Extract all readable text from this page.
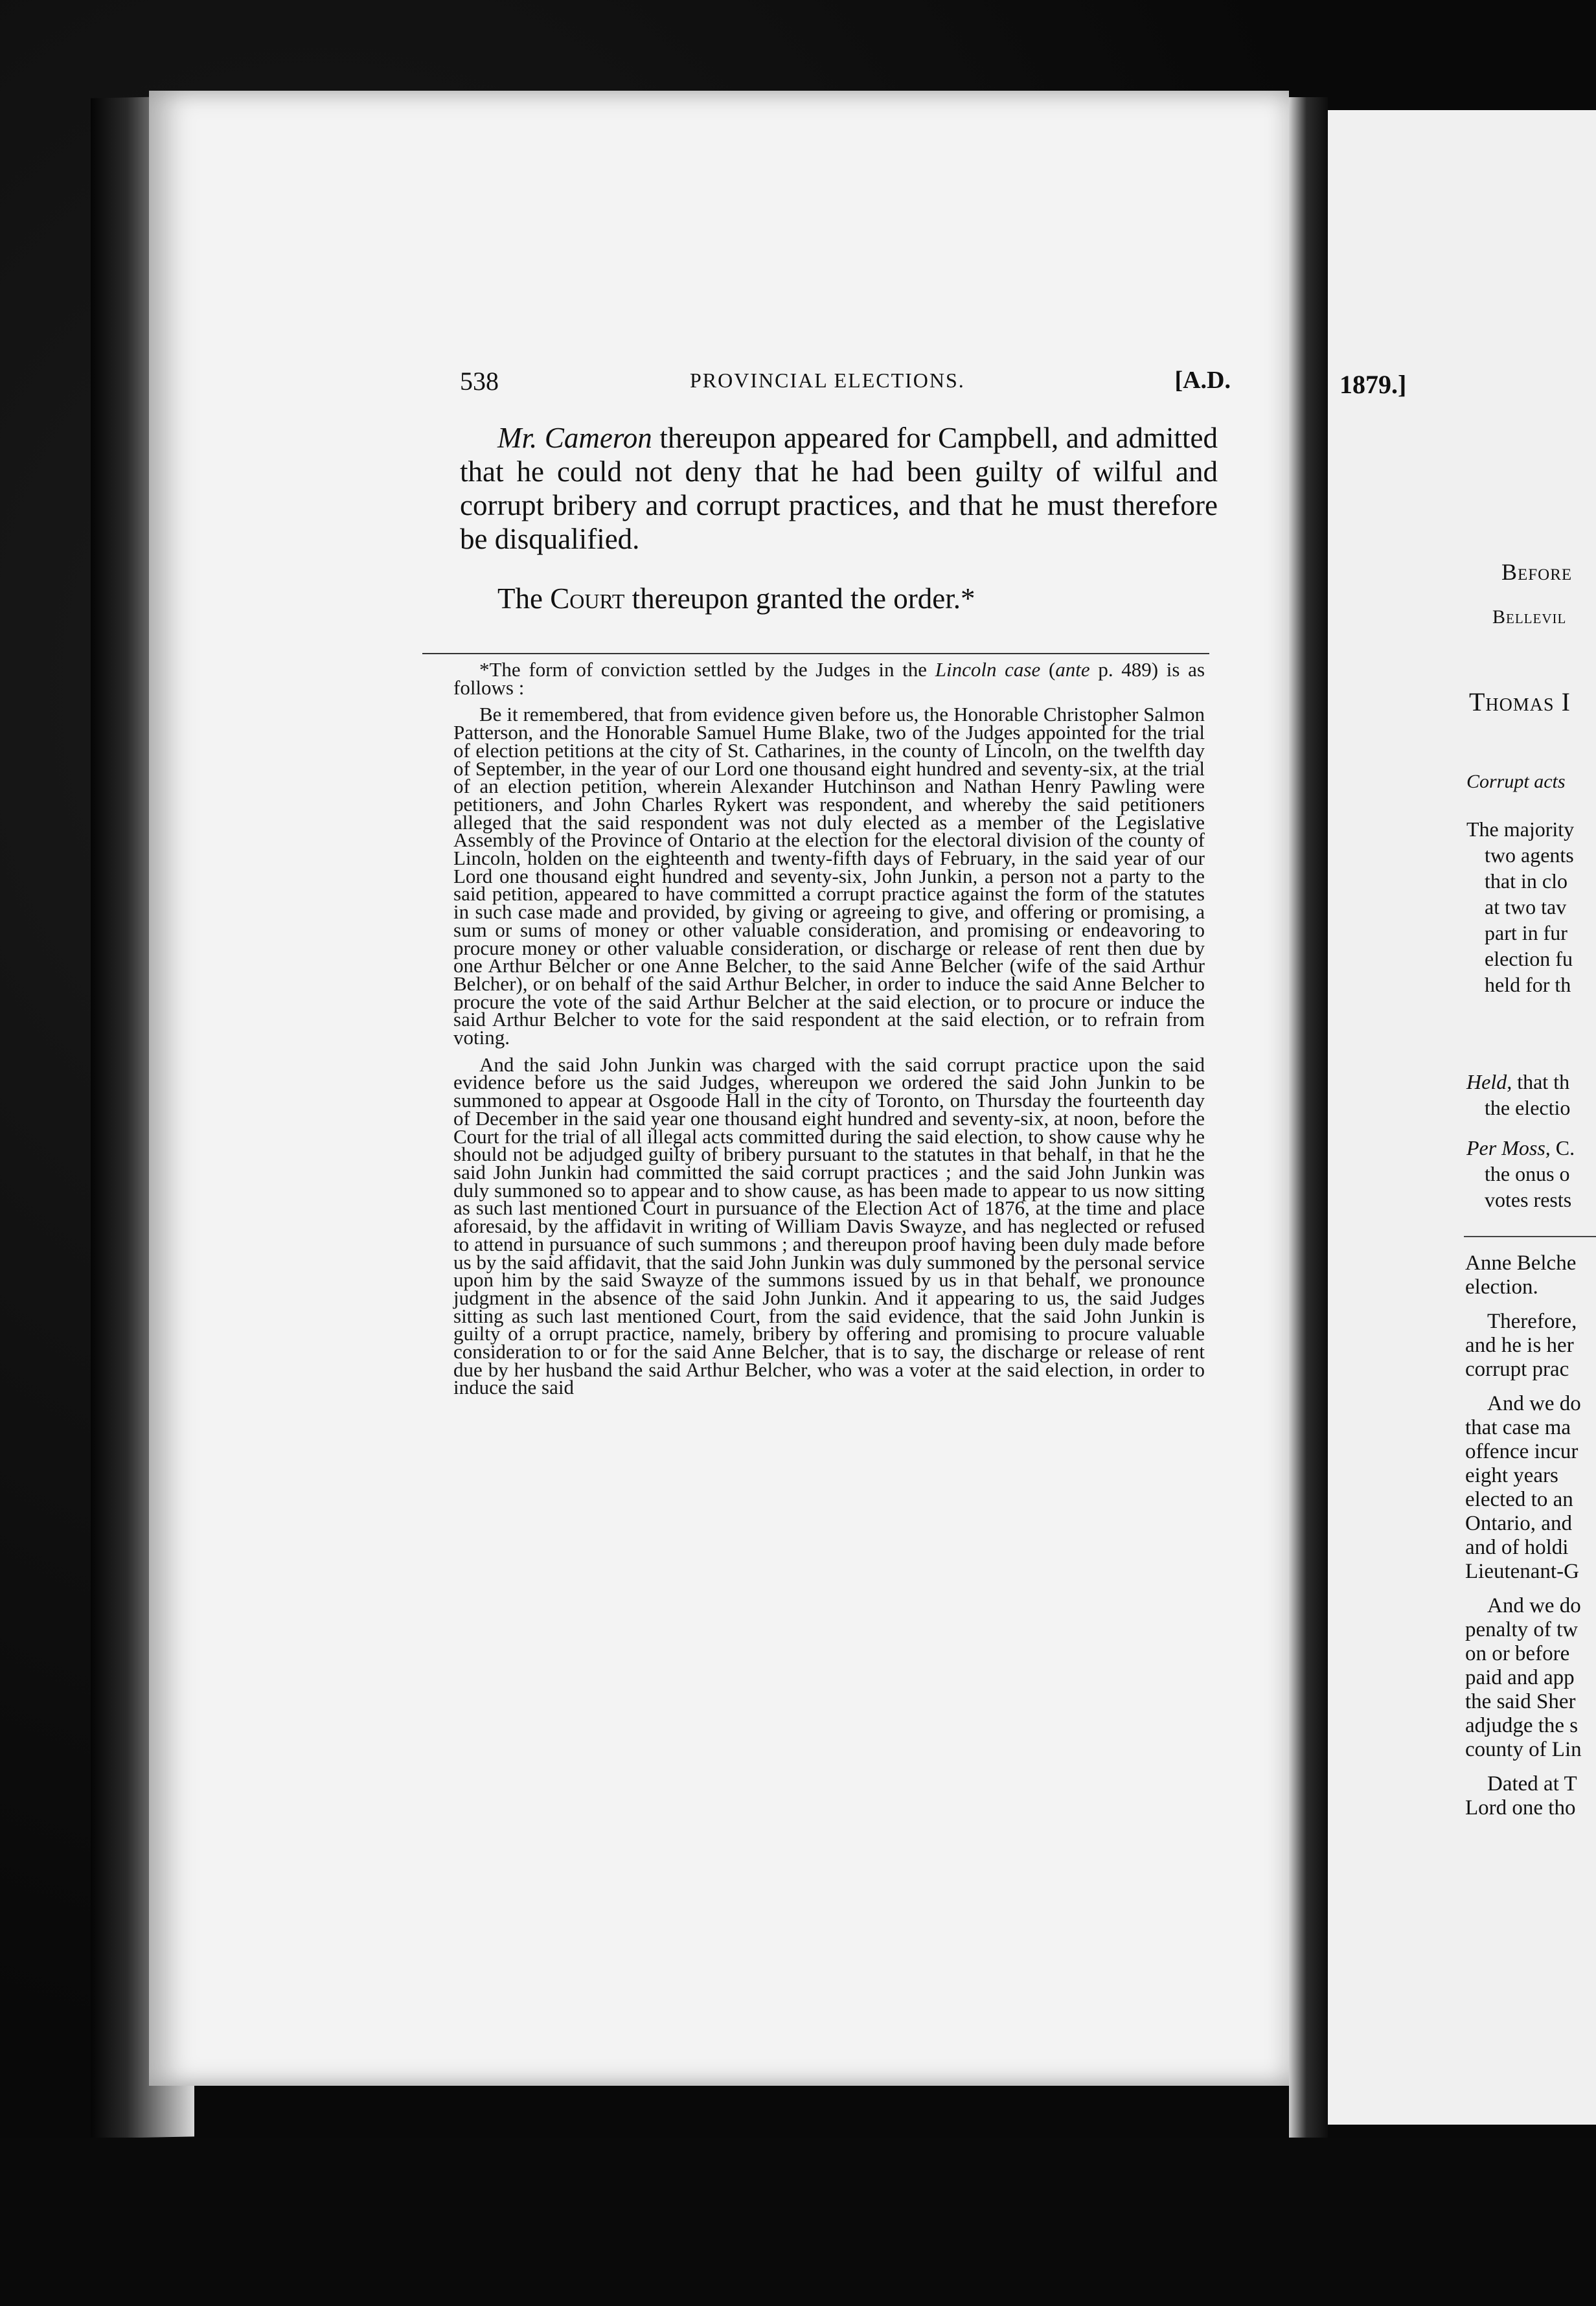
538	PROVINCIAL ELECTIONS.	[A.D.

Mr. Cameron thereupon appeared for Campbell, and admitted that he could not deny that he had been guilty of wilful and corrupt bribery and corrupt practices, and that he must therefore be disqualified.

The Court thereupon granted the order.*

*The form of conviction settled by the Judges in the Lincoln case (ante p. 489) is as follows :

Be it remembered, that from evidence given before us, the Honorable Christopher Salmon Patterson, and the Honorable Samuel Hume Blake, two of the Judges appointed for the trial of election petitions at the city of St. Catharines, in the county of Lincoln, on the twelfth day of September, in the year of our Lord one thousand eight hundred and seventy-six, at the trial of an election petition, wherein Alexander Hutchinson and Nathan Henry Pawling were petitioners, and John Charles Rykert was respondent, and whereby the said petitioners alleged that the said respondent was not duly elected as a member of the Legislative Assembly of the Province of Ontario at the election for the electoral division of the county of Lincoln, holden on the eighteenth and twenty-fifth days of February, in the said year of our Lord one thousand eight hundred and seventy-six, John Junkin, a person not a party to the said petition, appeared to have committed a corrupt practice against the form of the statutes in such case made and provided, by giving or agreeing to give, and offering or promising, a sum or sums of money or other valuable consideration, and promising or endeavoring to procure money or other valuable consideration, or discharge or release of rent then due by one Arthur Belcher or one Anne Belcher, to the said Anne Belcher (wife of the said Arthur Belcher), or on behalf of the said Arthur Belcher, in order to induce the said Anne Belcher to procure the vote of the said Arthur Belcher at the said election, or to procure or induce the said Arthur Belcher to vote for the said respondent at the said election, or to refrain from voting.

And the said John Junkin was charged with the said corrupt practice upon the said evidence before us the said Judges, whereupon we ordered the said John Junkin to be summoned to appear at Osgoode Hall in the city of Toronto, on Thursday the fourteenth day of December in the said year one thousand eight hundred and seventy-six, at noon, before the Court for the trial of all illegal acts committed during the said election, to show cause why he should not be adjudged guilty of bribery pursuant to the statutes in that behalf, in that he the said John Junkin had committed the said corrupt practices ; and the said John Junkin was duly summoned so to appear and to show cause, as has been made to appear to us now sitting as such last mentioned Court in pursuance of the Election Act of 1876, at the time and place aforesaid, by the affidavit in writing of William Davis Swayze, and has neglected or refused to attend in pursuance of such summons ; and thereupon proof having been duly made before us by the said affidavit, that the said John Junkin was duly summoned by the personal service upon him by the said Swayze of the summons issued by us in that behalf, we pronounce judgment in the absence of the said John Junkin. And it appearing to us, the said Judges sitting as such last mentioned Court, from the said evidence, that the said John Junkin is guilty of a orrupt practice, namely, bribery by offering and promising to procure valuable consideration to or for the said Anne Belcher, that is to say, the discharge or release of rent due by her husband the said Arthur Belcher, who was a voter at the said election, in order to induce the said

1879.]
Before
Bellevil
Thomas I
Corrupt acts
The majority
two agents
that in clo
at two tav
part in fur
election fu
held for th
Held, that th
the electio
Per Moss, C.
the onus o
votes rests
Anne Belche
election.
Therefore,
and he is her
corrupt prac
And we do
that case ma
offence incur
eight years
elected to an
Ontario, and
and of holdi
Lieutenant-G
And we do
penalty of tw
on or before
paid and app
the said Sher
adjudge the s
county of Lin
Dated at T
Lord one tho
